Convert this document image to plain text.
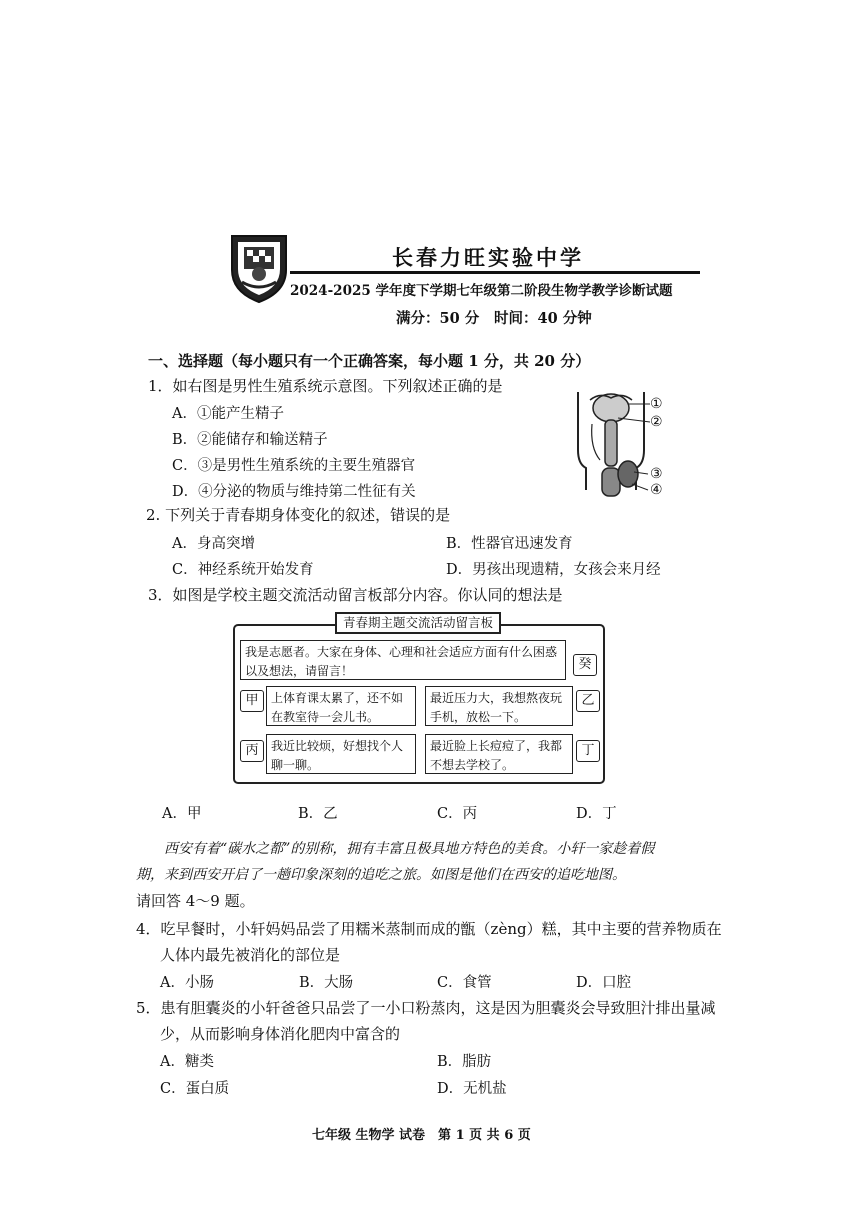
长春力旺实验中学
2024-2025 学年度下学期七年级第二阶段生物学教学诊断试题
满分：50 分 时间：40 分钟
一、选择题（每小题只有一个正确答案，每小题 1 分，共 20 分）
1．如右图是男性生殖系统示意图。下列叙述正确的是
A．①能产生精子
B．②能储存和输送精子
C．③是男性生殖系统的主要生殖器官
D．④分泌的物质与维持第二性征有关
①
②
③
④
2. 下列关于青春期身体变化的叙述，错误的是
A．身高突增	B．性器官迅速发育
C．神经系统开始发育	D．男孩出现遗精，女孩会来月经
3．如图是学校主题交流活动留言板部分内容。你认同的想法是
青春期主题交流活动留言板
我是志愿者。大家在身体、心理和社会适应方面有什么困惑以及想法，请留言！	癸
甲	上体育课太累了，还不如在教室待一会儿书。
最近压力大，我想熬夜玩手机，放松一下。
乙
丙	我近比较烦，好想找个人聊一聊。
最近脸上长痘痘了，我都不想去学校了。
丁
A．甲	B．乙	C．丙	D．丁
西安有着“碳水之都”的别称，拥有丰富且极具地方特色的美食。小轩一家趁着假
期，来到西安开启了一趟印象深刻的追吃之旅。如图是他们在西安的追吃地图。
请回答 4～9 题。
4．吃早餐时，小轩妈妈品尝了用糯米蒸制而成的甑（zèng）糕，其中主要的营养物质在
人体内最先被消化的部位是
A．小肠	B．大肠	C．食管	D．口腔
5．患有胆囊炎的小轩爸爸只品尝了一小口粉蒸肉，这是因为胆囊炎会导致胆汁排出量减
少，从而影响身体消化肥肉中富含的
A．糖类	B．脂肪
C．蛋白质	D．无机盐
七年级 生物学 试卷　第 1 页 共 6 页
